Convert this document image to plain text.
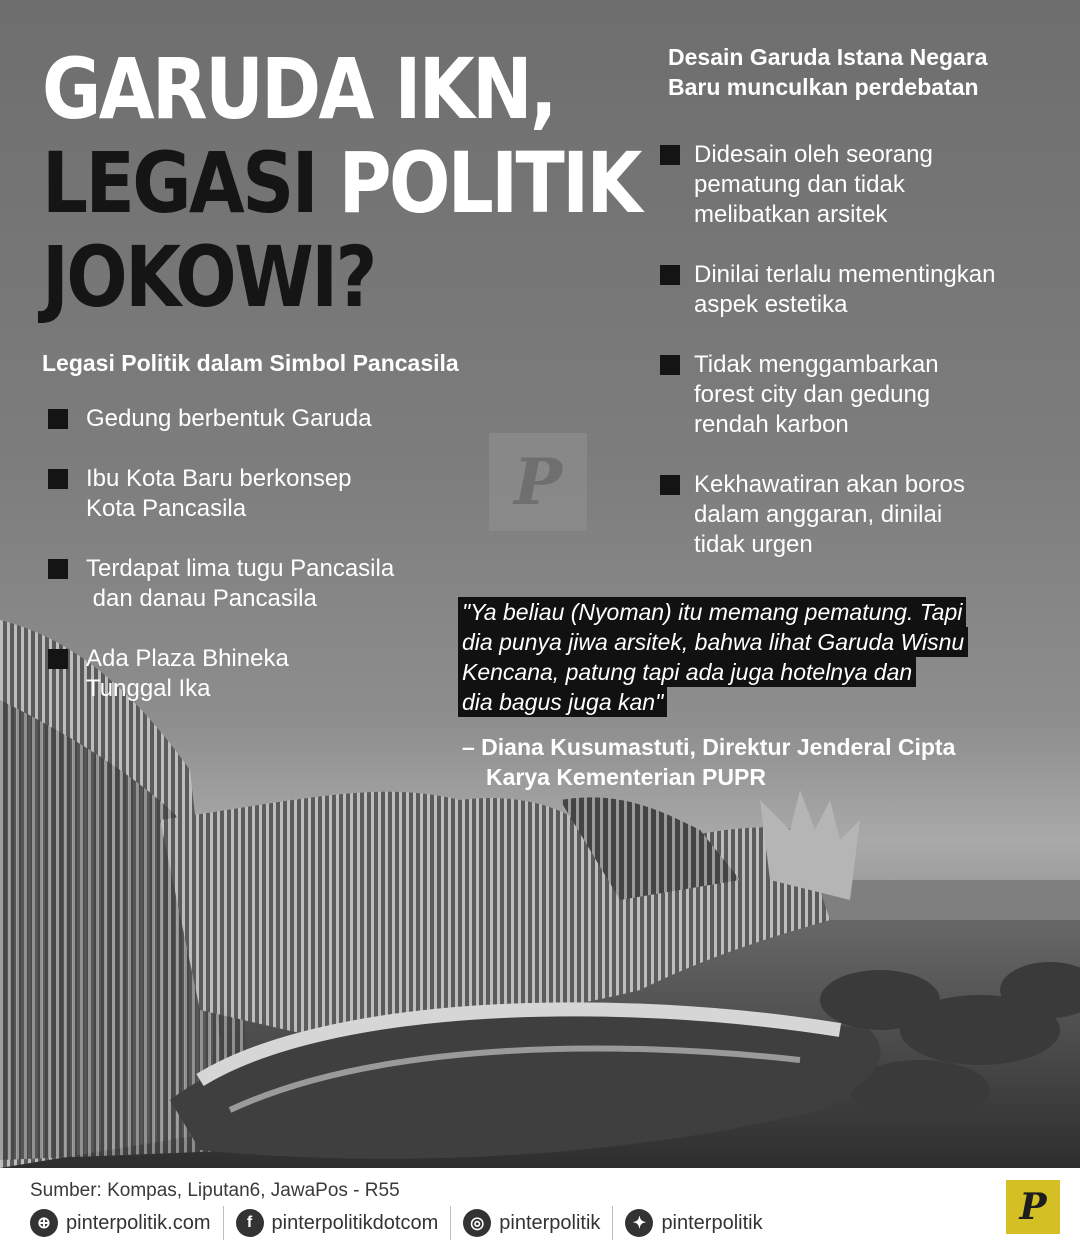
GARUDA IKN,
LEGASI POLITIK
JOKOWI?
Legasi Politik dalam Simbol Pancasila
Gedung berbentuk Garuda
Ibu Kota Baru berkonsep
Kota Pancasila
Terdapat lima tugu Pancasila
dan danau Pancasila
Ada Plaza Bhineka
Tunggal Ika
Desain Garuda Istana Negara
Baru munculkan perdebatan
Didesain oleh seorang
pematung dan tidak
melibatkan arsitek
Dinilai terlalu mementingkan
aspek estetika
Tidak menggambarkan
forest city dan gedung
rendah karbon
Kekhawatiran akan boros
dalam anggaran, dinilai
tidak urgen
P
"Ya beliau (Nyoman) itu memang pematung. Tapi
dia punya jiwa arsitek, bahwa lihat Garuda Wisnu
Kencana, patung tapi ada juga hotelnya dan
dia bagus juga kan"
– Diana Kusumastuti, Direktur Jenderal Cipta
Karya Kementerian PUPR
Sumber: Kompas, Liputan6, JawaPos - R55
⊕ pinterpolitik.com	f pinterpolitikdotcom	◎ pinterpolitik	✦ pinterpolitik	P
